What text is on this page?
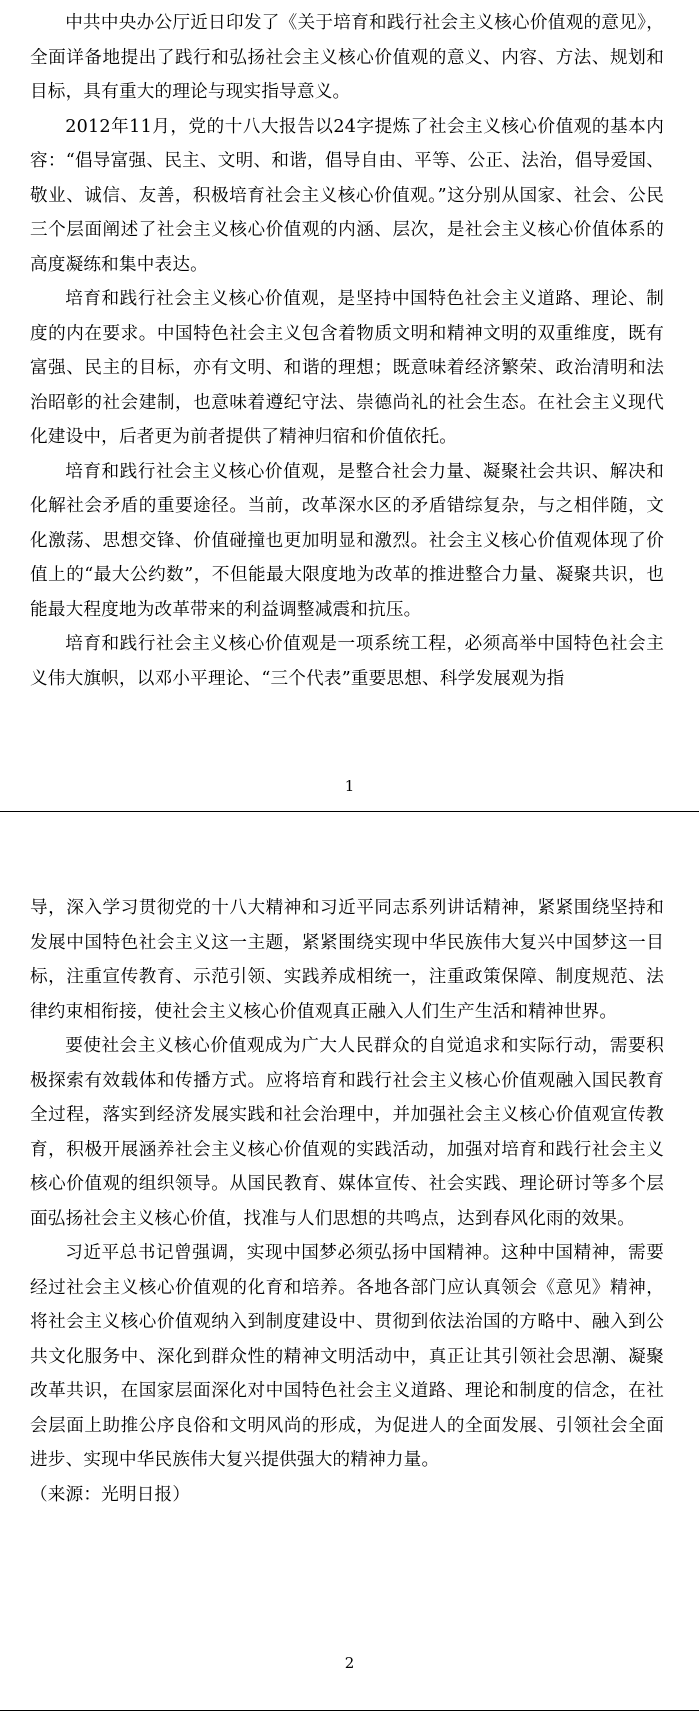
中共中央办公厅近日印发了《关于培育和践行社会主义核心价值观的意见》，全面详备地提出了践行和弘扬社会主义核心价值观的意义、内容、方法、规划和目标，具有重大的理论与现实指导意义。

2012年11月，党的十八大报告以24字提炼了社会主义核心价值观的基本内容：“倡导富强、民主、文明、和谐，倡导自由、平等、公正、法治，倡导爱国、敬业、诚信、友善，积极培育社会主义核心价值观。”这分别从国家、社会、公民三个层面阐述了社会主义核心价值观的内涵、层次，是社会主义核心价值体系的高度凝练和集中表达。

培育和践行社会主义核心价值观，是坚持中国特色社会主义道路、理论、制度的内在要求。中国特色社会主义包含着物质文明和精神文明的双重维度，既有富强、民主的目标，亦有文明、和谐的理想；既意味着经济繁荣、政治清明和法治昭彰的社会建制，也意味着遵纪守法、崇德尚礼的社会生态。在社会主义现代化建设中，后者更为前者提供了精神归宿和价值依托。

培育和践行社会主义核心价值观，是整合社会力量、凝聚社会共识、解决和化解社会矛盾的重要途径。当前，改革深水区的矛盾错综复杂，与之相伴随，文化激荡、思想交锋、价值碰撞也更加明显和激烈。社会主义核心价值观体现了价值上的“最大公约数”，不但能最大限度地为改革的推进整合力量、凝聚共识，也能最大程度地为改革带来的利益调整减震和抗压。

培育和践行社会主义核心价值观是一项系统工程，必须高举中国特色社会主义伟大旗帜，以邓小平理论、“三个代表”重要思想、科学发展观为指

1

导，深入学习贯彻党的十八大精神和习近平同志系列讲话精神，紧紧围绕坚持和发展中国特色社会主义这一主题，紧紧围绕实现中华民族伟大复兴中国梦这一目标，注重宣传教育、示范引领、实践养成相统一，注重政策保障、制度规范、法律约束相衔接，使社会主义核心价值观真正融入人们生产生活和精神世界。

要使社会主义核心价值观成为广大人民群众的自觉追求和实际行动，需要积极探索有效载体和传播方式。应将培育和践行社会主义核心价值观融入国民教育全过程，落实到经济发展实践和社会治理中，并加强社会主义核心价值观宣传教育，积极开展涵养社会主义核心价值观的实践活动，加强对培育和践行社会主义核心价值观的组织领导。从国民教育、媒体宣传、社会实践、理论研讨等多个层面弘扬社会主义核心价值，找准与人们思想的共鸣点，达到春风化雨的效果。

习近平总书记曾强调，实现中国梦必须弘扬中国精神。这种中国精神，需要经过社会主义核心价值观的化育和培养。各地各部门应认真领会《意见》精神，将社会主义核心价值观纳入到制度建设中、贯彻到依法治国的方略中、融入到公共文化服务中、深化到群众性的精神文明活动中，真正让其引领社会思潮、凝聚改革共识，在国家层面深化对中国特色社会主义道路、理论和制度的信念，在社会层面上助推公序良俗和文明风尚的形成，为促进人的全面发展、引领社会全面进步、实现中华民族伟大复兴提供强大的精神力量。

（来源：光明日报）

2
